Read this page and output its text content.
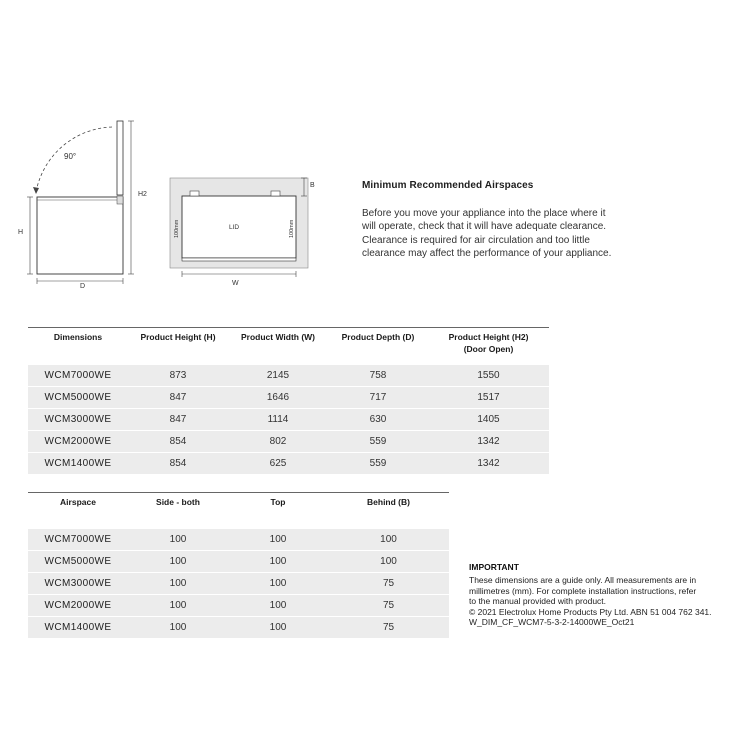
90°
H
H2
D
LID
100mm	100mm
B
W
Minimum Recommended Airspaces
Before you move your appliance into the place where it will operate, check that it will have adequate clearance. Clearance is required for air circulation and too little clearance may affect the performance of your appliance.
Dimensions	Product Height (H)	Product Width (W)	Product Depth (D)	Product Height (H2)
(Door Open)
WCM7000WE	873	2145	758	1550
WCM5000WE	847	1646	717	1517
WCM3000WE	847	1114	630	1405
WCM2000WE	854	802	559	1342
WCM1400WE	854	625	559	1342
Airspace	Side - both	Top	Behind (B)
WCM7000WE	100	100	100
WCM5000WE	100	100	100
WCM3000WE	100	100	75
WCM2000WE	100	100	75
WCM1400WE	100	100	75
IMPORTANT
These dimensions are a guide only. All measurements are in
millimetres (mm). For complete installation instructions, refer
to the manual provided with product.
© 2021 Electrolux Home Products Pty Ltd. ABN 51 004 762 341.
W_DIM_CF_WCM7-5-3-2-14000WE_Oct21
